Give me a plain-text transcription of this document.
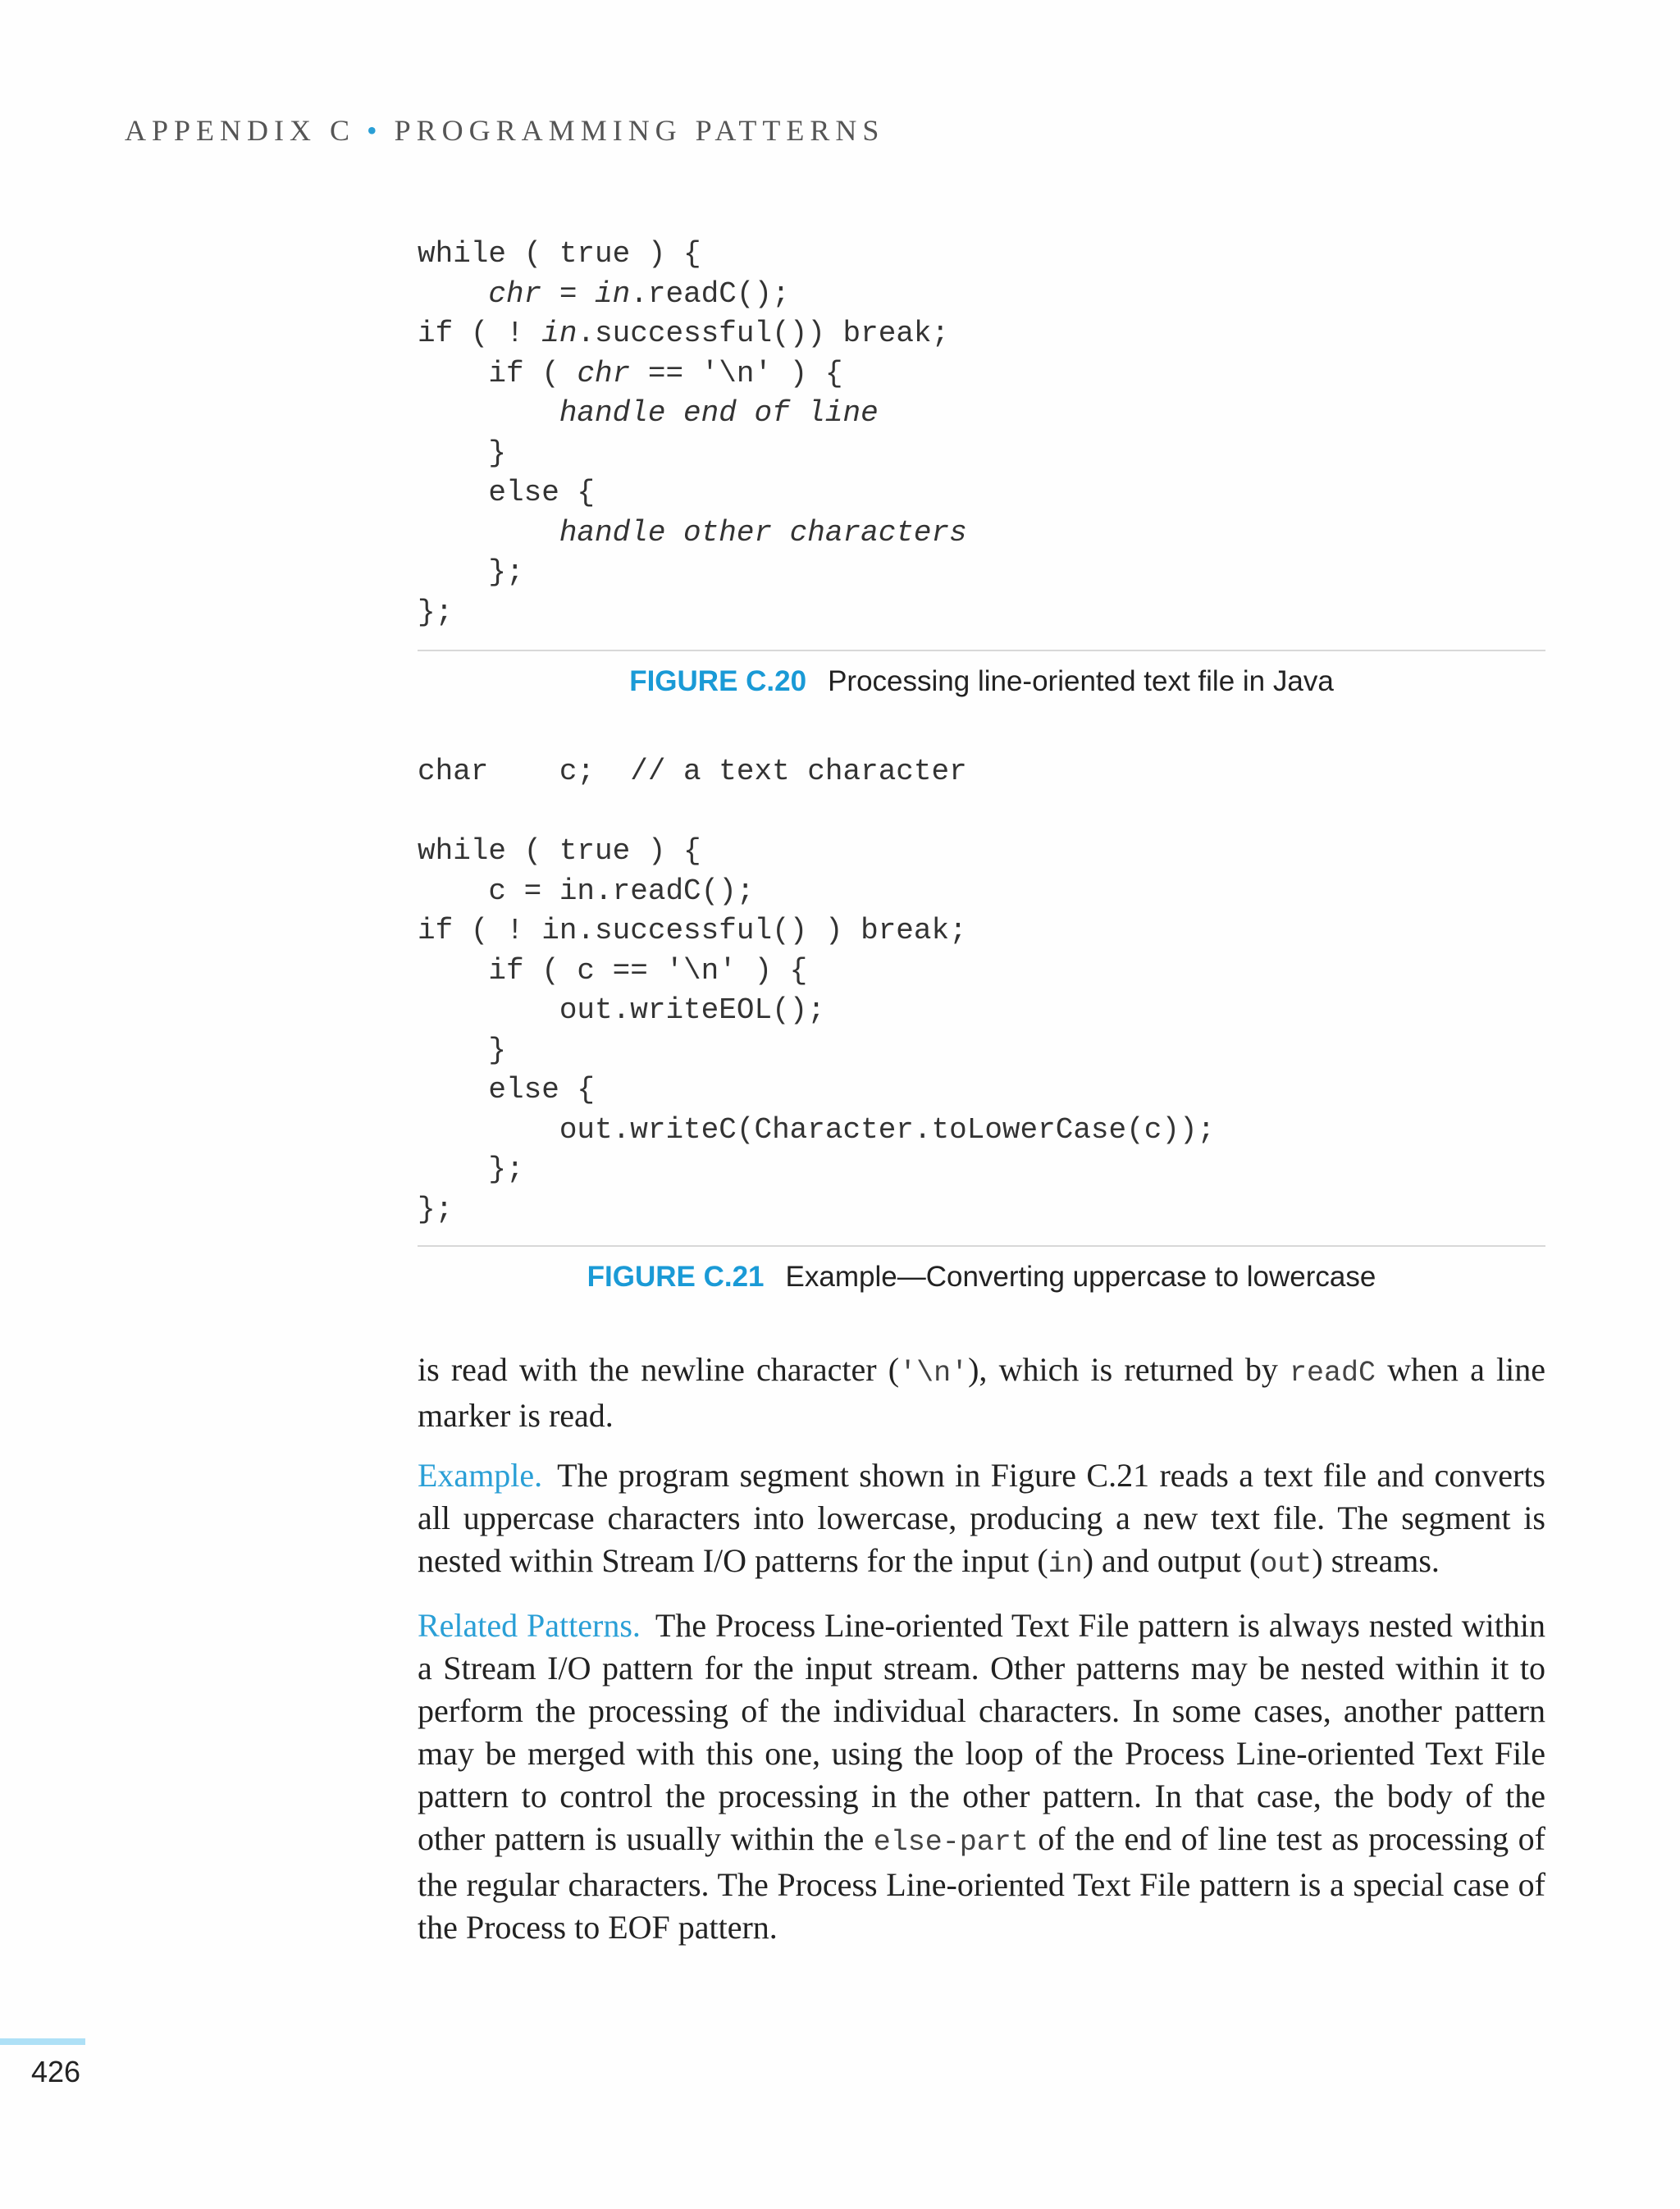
APPENDIX C • PROGRAMMING PATTERNS
while ( true ) {
chr = in.readC();
if ( ! in.successful()) break;
if ( chr == '\n' ) {
handle end of line
}
else {
handle other characters
};
};
FIGURE C.20 Processing line-oriented text file in Java
char    c;  // a text character
while ( true ) {
c = in.readC();
if ( ! in.successful() ) break;
if ( c == '\n' ) {
out.writeEOL();
}
else {
out.writeC(Character.toLowerCase(c));
};
};
FIGURE C.21 Example—Converting uppercase to lowercase

is read with the newline character ('\n'), which is returned by readC when a line marker is read.

Example. The program segment shown in Figure C.21 reads a text file and converts all uppercase characters into lowercase, producing a new text file. The segment is nested within Stream I/O patterns for the input (in) and output (out) streams.

Related Patterns. The Process Line-oriented Text File pattern is always nested within a Stream I/O pattern for the input stream. Other patterns may be nested within it to perform the processing of the individual characters. In some cases, another pattern may be merged with this one, using the loop of the Process Line-oriented Text File pattern to control the processing in the other pattern. In that case, the body of the other pattern is usually within the else-part of the end of line test as processing of the regular characters. The Process Line-oriented Text File pattern is a special case of the Process to EOF pattern.

426
